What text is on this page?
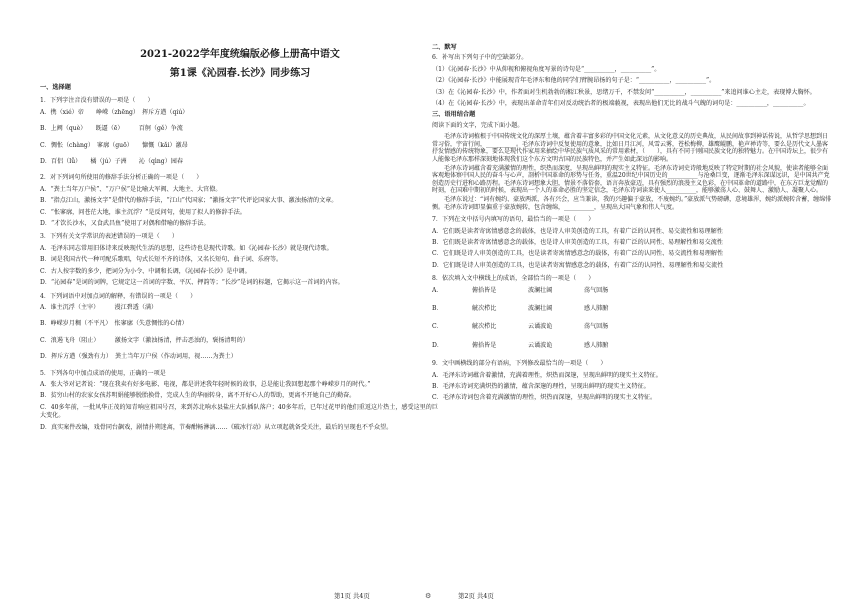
2021-2022学年度统编版必修上册高中语文
第1课《沁园春.长沙》同步练习
一、选择题
1．下列字注音没有错误的一项是（　　）
A．携（xié）帝　　峥嵘（zhēng）　挥斥方遒（qiú）
B．上阙（què）　　既逼（ē）　　　百舸（gě）争流
C．惆怅（chàng）　寥廓（guō）　　慷慨（kǎi）激昂
D．百侣（lǚ）　　橘（jú）子洲　　沁（qìng）园春
2．对下列词句所使用的修辞手法分析正确的一项是（　　）
A．“粪土当年万户侯”、“万户侯”是比喻大军阀、大地主、大官僚。
B．“指点江山，激扬文字”是借代的修辞手法，“江山”代国家；“激扬文字”代评论国家大事、激浊扬清的文章。
C．“怅寥廓，问苍茫大地，谁主沉浮？”是反问句，使用了拟人的修辞手法。
D．“才饮长沙水，又食武昌鱼”使用了对偶和借喻的修辞手法。
3．下列有关文学常识的表述错误的一项是（　　）
A．毛泽东同志常用旧体诗来反映现代生活的思想，这些诗也是现代诗歌。如《沁园春·长沙》就是现代诗歌。
B．词是我国古代一种可配乐歌唱，句式长短不齐的诗体，又名长短句、曲子词、乐府等。
C．古人按字数的多少，把词分为小令、中调和长调，《沁园春·长沙》是中调。
D．“沁园春”是词的词牌，它规定这一首词的字数、平仄、押韵等；“长沙”是词的标题，它揭示这一首词的内容。
4．下列词语中对加点词的解释，有错误的一项是（　　）
A．谁主沉浮（主宰）　　　漫江碧透（满）
B．峥嵘岁月稠（不平凡）　怅寥廓（失意惆怅的心情）
C．浪遏飞舟（阻止）　　　激扬文字（激浊扬清，抨击恶浊的，褒扬清明的）
D．挥斥方遒（强劲有力）　粪土当年万户侯（作动词用，视……为粪土）
5．下列各句中加点成语的使用，正确的一项是
A．张大爷对记者说：“现在我卖有好多电影、电视，都是讲述我年轻时候的故事，总是能让我回想起那个峥嵘岁月的时代。”
B．贫穷山村的农家女孩苏明娟能够脱胎换骨，完成人生的华丽转身，离不开好心人的帮助，更离不开她自己的勤奋。
C．40多年前，一批风华正茂的知青响应祖国号召，来到苏北响水县盐庄大队插队落户；40多年后，已年过花甲的他们重返这片热土，感受这里的巨大变化。
D．真实案件改编，戏骨同台飙戏，剧情扑朔迷离，节奏酣畅淋漓……《破冰行动》从立项起就备受关注，最后的呈现也不乎众望。
二、默写
6．补写出下列句子中的空缺部分。
（1）《沁园春·长沙》中从仰视和俯视角度写景的诗句是“__________，__________”。
（2）《沁园春·长沙》中能展现青年毛泽东和他的同学们臂腕昂扬的句子是：“__________，__________”。
（3）在《沁园春·长沙》中，作者面对生机勃勃的湘江秋景，思绪万千，不禁发问“__________，__________”来追问谁心主走，表现博大胸怀。
（4）在《沁园春·长沙》中，表现出革命青年们对反动统治者的极端藐视，表现出他们无比的战斗气魄的词句是：__________，__________。
三、语用结合题
阅读下面的文字，完成下面小题。
毛泽东诗词植根于中国传统文化的深厚土壤，蕴含着丰富多彩的中国文化元素，从文化意义的历史典故，从民间故事到神话传说，从哲学思想到日常习俗，宇宙行间，__________。毛泽东诗词中反复使用的意象，比如日月江河，风雪云雾，苍松梅柳，雄鹰鲲鹏，艳声禅诗等，要么是历代文人墨客抒发情感的传统物象，要么是现代作家用来抽绘中华民族气质风采的常用素材，（　　），具有不同于刚国民族文化的独特魅力。在中国诗坛上，很少有人能像毛泽东那样深刻地体现我们这个东方文明古国的民族特色，并产生如此深远的影响。
毛泽东诗词蕴含着充满激情的理性，织热而深度，呈现出鲜明的现实主义特征。毛泽东诗词史诗般地反映了特定时期的社会风貌，使读者能够全面客观地体察中国人民的奋斗与心声，剖析中国革命的形势与任务，重温20世纪中国历史的__________与沧桑巨变，逐渐毛泽东深谋远识，是中国共产党创造历史行进和心路历程。毛泽东诗词想象大胆，情景不落俗套，语言奔放豪迈，具有强烈的浪漫主义色彩，在中国革命的道路中，在东方巨龙觉醒的时刻，在国难中期初的时候，表现出一个人的革命必胜的坚定信念，毛泽东诗词读来使人__________，能够激荡人心、鼓舞人、激励人、凝聚人心。
毛泽东说过：“词有婉约、豪放两派，各有兴会，应当兼读，我的兴趣偏于豪放，不废婉约。”豪放派气势磅礴，意境雄浑，婉约派婉转含蓄，缠绵悱恻。毛泽东诗词即显偏重于豪放婉转，包含缠绵，__________，呈现出大国气象和伟人气度。
7．下列在文中括号内填写的语句，最恰当的一项是（　　）
A．它们既是读者寄寓情感意念的载体，也是诗人审美创造的工具，有着广泛的认同性、易交流性和易理解性
B．它们既是读者寄寓情感意念的载体，也是诗人审美创造的工具，有着广泛的认同性、易理解性和易交流性
C．它们既是诗人审美创造的工具，也是读者寄寓情感意念的载体，有着广泛的认同性、易交流性和易理解性
D．它们既是诗人审美创造的工具，也是读者寄寓情感意念的载体，有着广泛的认同性、易理解性和易交流性
8．依次填入文中横线上的成语，全部恰当的一项是（　　）
A．	俯拾皆是	波澜壮阔	荡气回肠
B．	觥次栉比	波澜壮阔	感人肺腑
C．	觥次栉比	云谲波诡	荡气回肠
D．	俯拾皆是	云谲波诡	感人肺腑
9．文中画横线的部分有语病，下列修改最恰当的一项是（　　）
A．毛泽东诗词蕴含着激情，充满着理性，炽热而深邃，呈现出鲜明的现实主义特征。
B．毛泽东诗词充满炽热的激情，蕴含深邃的理性，呈现出鲜明的现实主义特征。
C．毛泽东诗词包含着充满激情的理性，炽热而深邃，呈现出鲜明的现实主义特征。
第1页 共4页	⚙	第2页 共4页
